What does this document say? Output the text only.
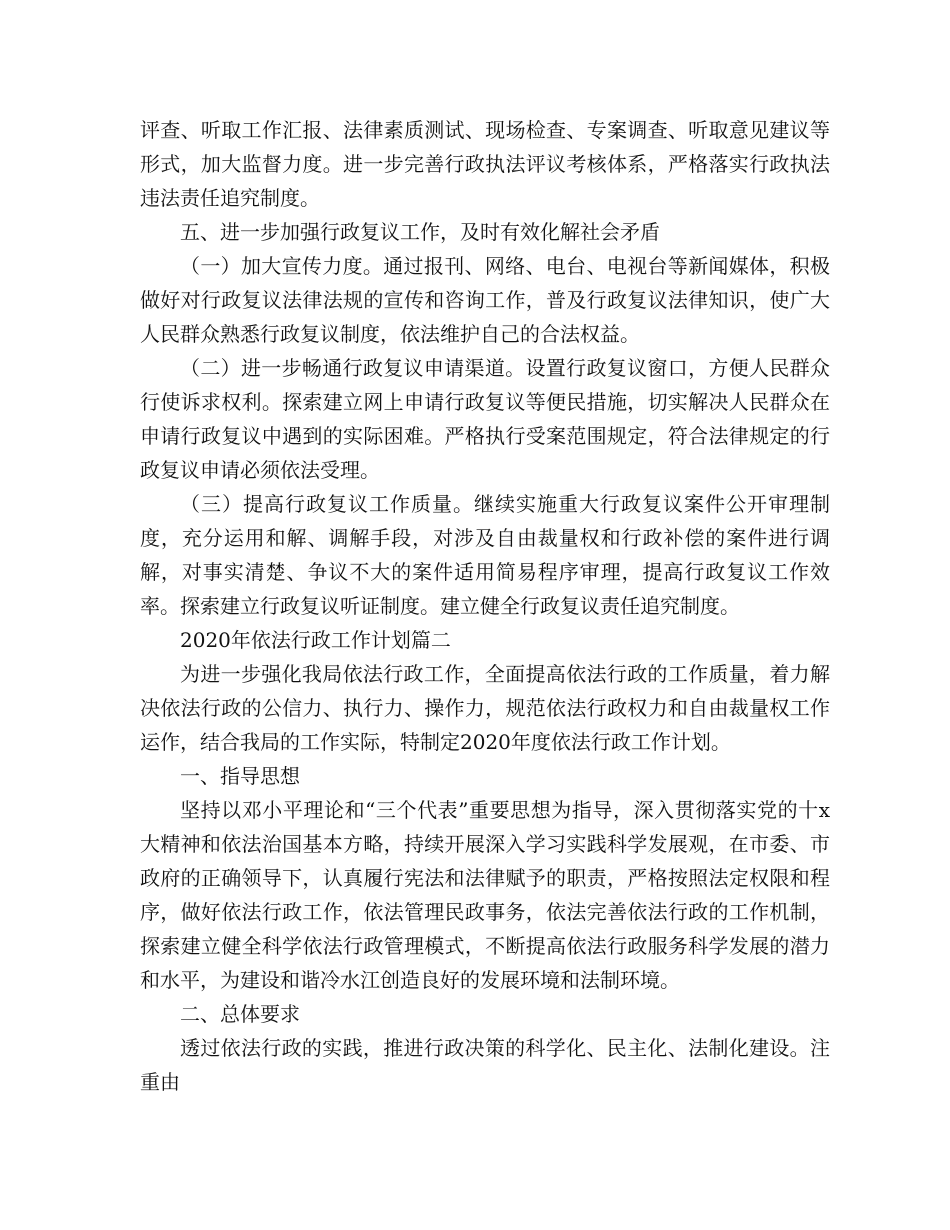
评查、听取工作汇报、法律素质测试、现场检查、专案调查、听取意见建议等形式，加大监督力度。进一步完善行政执法评议考核体系，严格落实行政执法违法责任追究制度。

五、进一步加强行政复议工作，及时有效化解社会矛盾

（一）加大宣传力度。通过报刊、网络、电台、电视台等新闻媒体，积极做好对行政复议法律法规的宣传和咨询工作，普及行政复议法律知识，使广大人民群众熟悉行政复议制度，依法维护自己的合法权益。

（二）进一步畅通行政复议申请渠道。设置行政复议窗口，方便人民群众行使诉求权利。探索建立网上申请行政复议等便民措施，切实解决人民群众在申请行政复议中遇到的实际困难。严格执行受案范围规定，符合法律规定的行政复议申请必须依法受理。

（三）提高行政复议工作质量。继续实施重大行政复议案件公开审理制度，充分运用和解、调解手段，对涉及自由裁量权和行政补偿的案件进行调解，对事实清楚、争议不大的案件适用简易程序审理，提高行政复议工作效率。探索建立行政复议听证制度。建立健全行政复议责任追究制度。

2020年依法行政工作计划篇二

为进一步强化我局依法行政工作，全面提高依法行政的工作质量，着力解决依法行政的公信力、执行力、操作力，规范依法行政权力和自由裁量权工作运作，结合我局的工作实际，特制定2020年度依法行政工作计划。

一、指导思想

坚持以邓小平理论和“三个代表”重要思想为指导，深入贯彻落实党的十x大精神和依法治国基本方略，持续开展深入学习实践科学发展观，在市委、市政府的正确领导下，认真履行宪法和法律赋予的职责，严格按照法定权限和程序，做好依法行政工作，依法管理民政事务，依法完善依法行政的工作机制，探索建立健全科学依法行政管理模式，不断提高依法行政服务科学发展的潜力和水平，为建设和谐冷水江创造良好的发展环境和法制环境。

二、总体要求

透过依法行政的实践，推进行政决策的科学化、民主化、法制化建设。注重由
